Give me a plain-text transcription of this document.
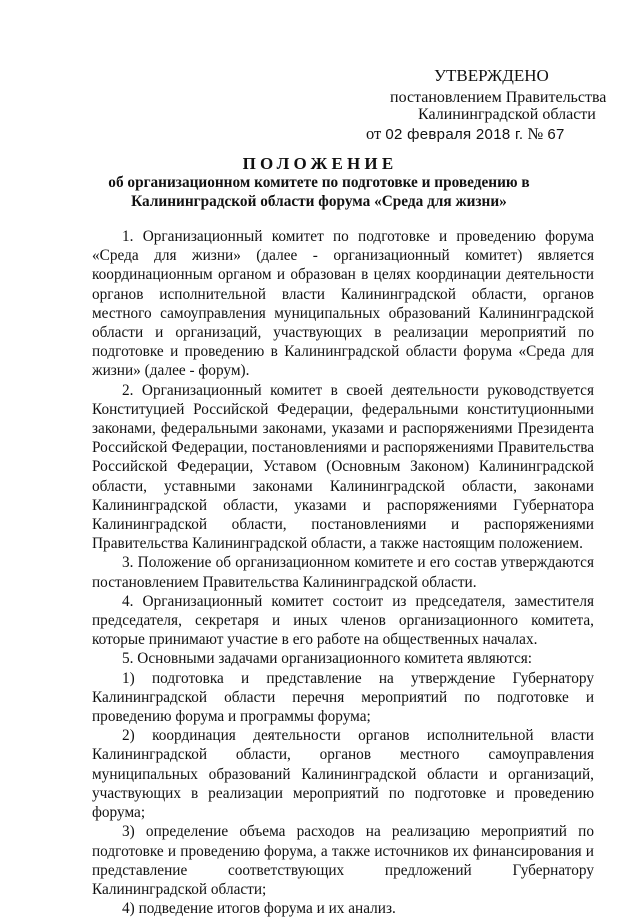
УТВЕРЖДЕНО
постановлением Правительства
Калининградской области
от 02 февраля 2018 г. № 67
ПОЛОЖЕНИЕ
об организационном комитете по подготовке и проведению в Калининградской области форума «Среда для жизни»

1. Организационный комитет по подготовке и проведению форума «Среда для жизни» (далее - организационный комитет) является координационным органом и образован в целях координации деятельности органов исполнительной власти Калининградской области, органов местного самоуправления муниципальных образований Калининградской области и организаций, участвующих в реализации мероприятий по подготовке и проведению в Калининградской области форума «Среда для жизни» (далее - форум).

2. Организационный комитет в своей деятельности руководствуется Конституцией Российской Федерации, федеральными конституционными законами, федеральными законами, указами и распоряжениями Президента Российской Федерации, постановлениями и распоряжениями Правительства Российской Федерации, Уставом (Основным Законом) Калининградской области, уставными законами Калининградской области, законами Калининградской области, указами и распоряжениями Губернатора Калининградской области, постановлениями и распоряжениями Правительства Калининградской области, а также настоящим положением.

3. Положение об организационном комитете и его состав утверждаются постановлением Правительства Калининградской области.

4. Организационный комитет состоит из председателя, заместителя председателя, секретаря и иных членов организационного комитета, которые принимают участие в его работе на общественных началах.

5. Основными задачами организационного комитета являются:

1) подготовка и представление на утверждение Губернатору Калининградской области перечня мероприятий по подготовке и проведению форума и программы форума;

2) координация деятельности органов исполнительной власти Калининградской области, органов местного самоуправления муниципальных образований Калининградской области и организаций, участвующих в реализации мероприятий по подготовке и проведению форума;

3) определение объема расходов на реализацию мероприятий по подготовке и проведению форума, а также источников их финансирования и представление соответствующих предложений Губернатору Калининградской области;

4) подведение итогов форума и их анализ.
